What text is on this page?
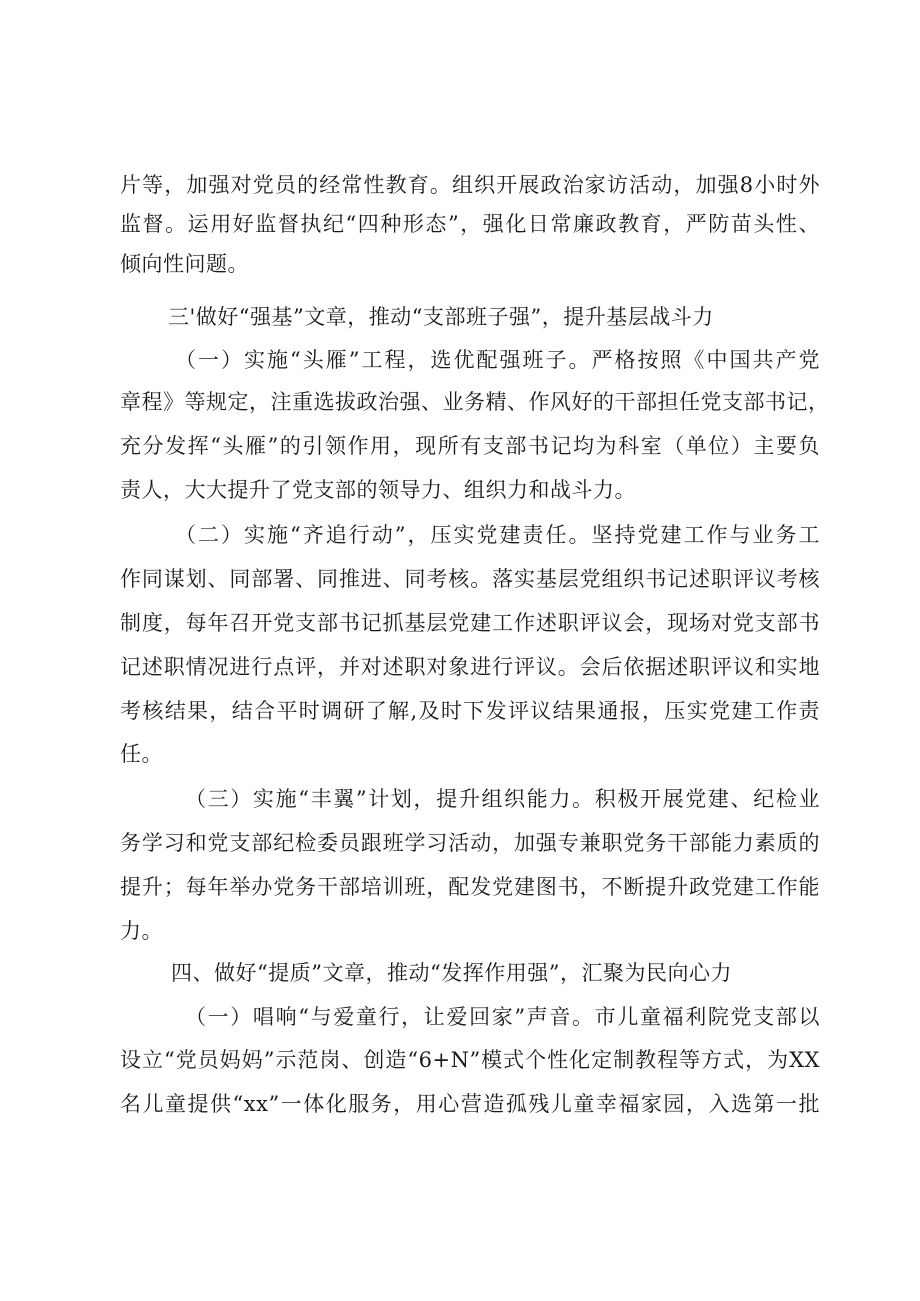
片等，加强对党员的经常性教育。组织开展政治家访活动，加强8小时外

监督。运用好监督执纪“四种形态”，强化日常廉政教育，严防苗头性、

倾向性问题。

三'做好“强基”文章，推动“支部班子强”，提升基层战斗力

（一）实施“头雁”工程，选优配强班子。严格按照《中国共产党

章程》等规定，注重选拔政治强、业务精、作风好的干部担任党支部书记，

充分发挥“头雁”的引领作用，现所有支部书记均为科室（单位）主要负

责人，大大提升了党支部的领导力、组织力和战斗力。

（二）实施“齐追行动”，压实党建责任。坚持党建工作与业务工

作同谋划、同部署、同推进、同考核。落实基层党组织书记述职评议考核

制度，每年召开党支部书记抓基层党建工作述职评议会，现场对党支部书

记述职情况进行点评，并对述职对象进行评议。会后依据述职评议和实地

考核结果，结合平时调研了解,及时下发评议结果通报，压实党建工作责

任。

（三）实施“丰翼”计划，提升组织能力。积极开展党建、纪检业

务学习和党支部纪检委员跟班学习活动，加强专兼职党务干部能力素质的

提升；每年举办党务干部培训班，配发党建图书，不断提升政党建工作能

力。

四、做好“提质”文章，推动“发挥作用强”，汇聚为民向心力

（一）唱响“与爱童行，让爱回家”声音。市儿童福利院党支部以

设立“党员妈妈”示范岗、创造“6+N”模式个性化定制教程等方式，为XX

名儿童提供“xx”一体化服务，用心营造孤残儿童幸福家园，入选第一批
